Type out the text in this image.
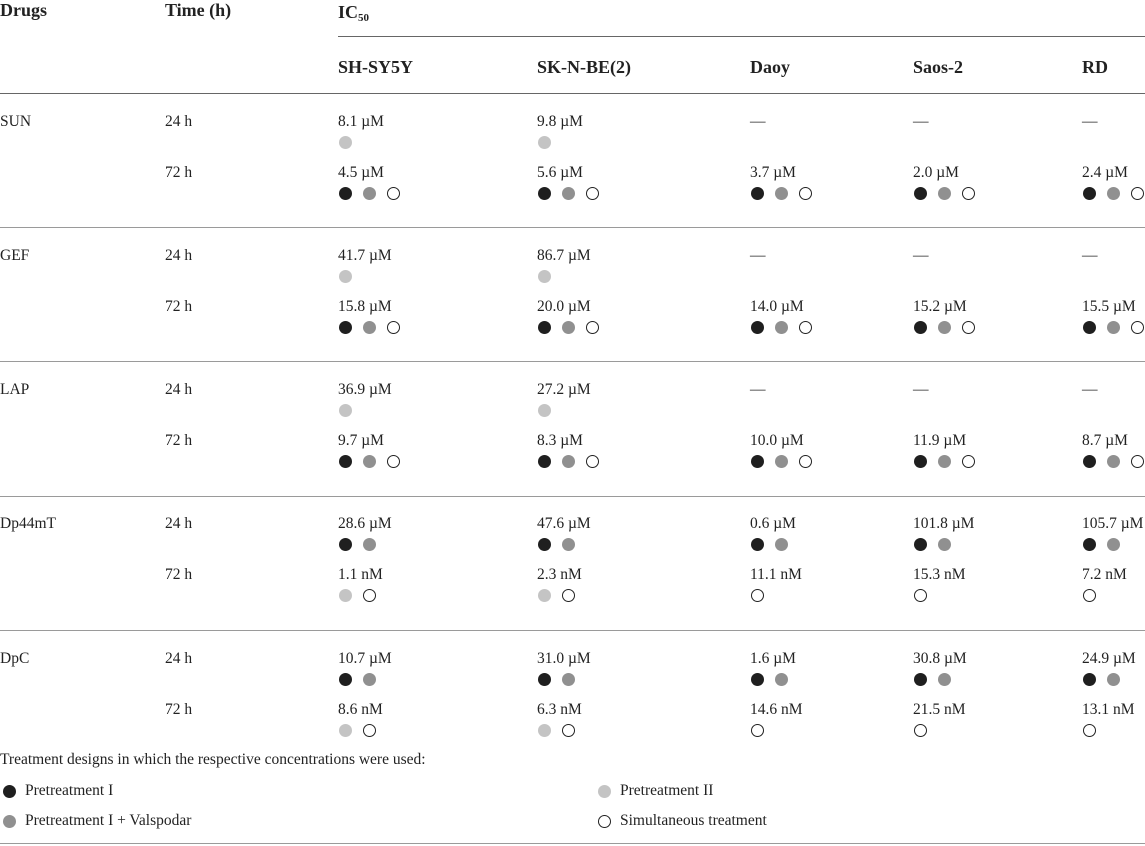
Drugs	Time (h)	$IC_{50}$
SH-SY5Y	SK-N-BE(2)	Daoy	Saos-2	RD
SUN	24 h	8.1 µM	9.8 µM	—	—	—
72 h	4.5 µM	5.6 µM	3.7 µM	2.0 µM	2.4 µM
GEF	24 h	41.7 µM	86.7 µM	—	—	—
72 h	15.8 µM	20.0 µM	14.0 µM	15.2 µM	15.5 µM
LAP	24 h	36.9 µM	27.2 µM	—	—	—
72 h	9.7 µM	8.3 µM	10.0 µM	11.9 µM	8.7 µM
Dp44mT	24 h	28.6 µM	47.6 µM	0.6 µM	101.8 µM	105.7 µM
72 h	1.1 nM	2.3 nM	11.1 nM	15.3 nM	7.2 nM
DpC	24 h	10.7 µM	31.0 µM	1.6 µM	30.8 µM	24.9 µM
72 h	8.6 nM	6.3 nM	14.6 nM	21.5 nM	13.1 nM
Treatment designs in which the respective concentrations were used:
Pretreatment I	Pretreatment II
Pretreatment I + Valspodar	Simultaneous treatment
